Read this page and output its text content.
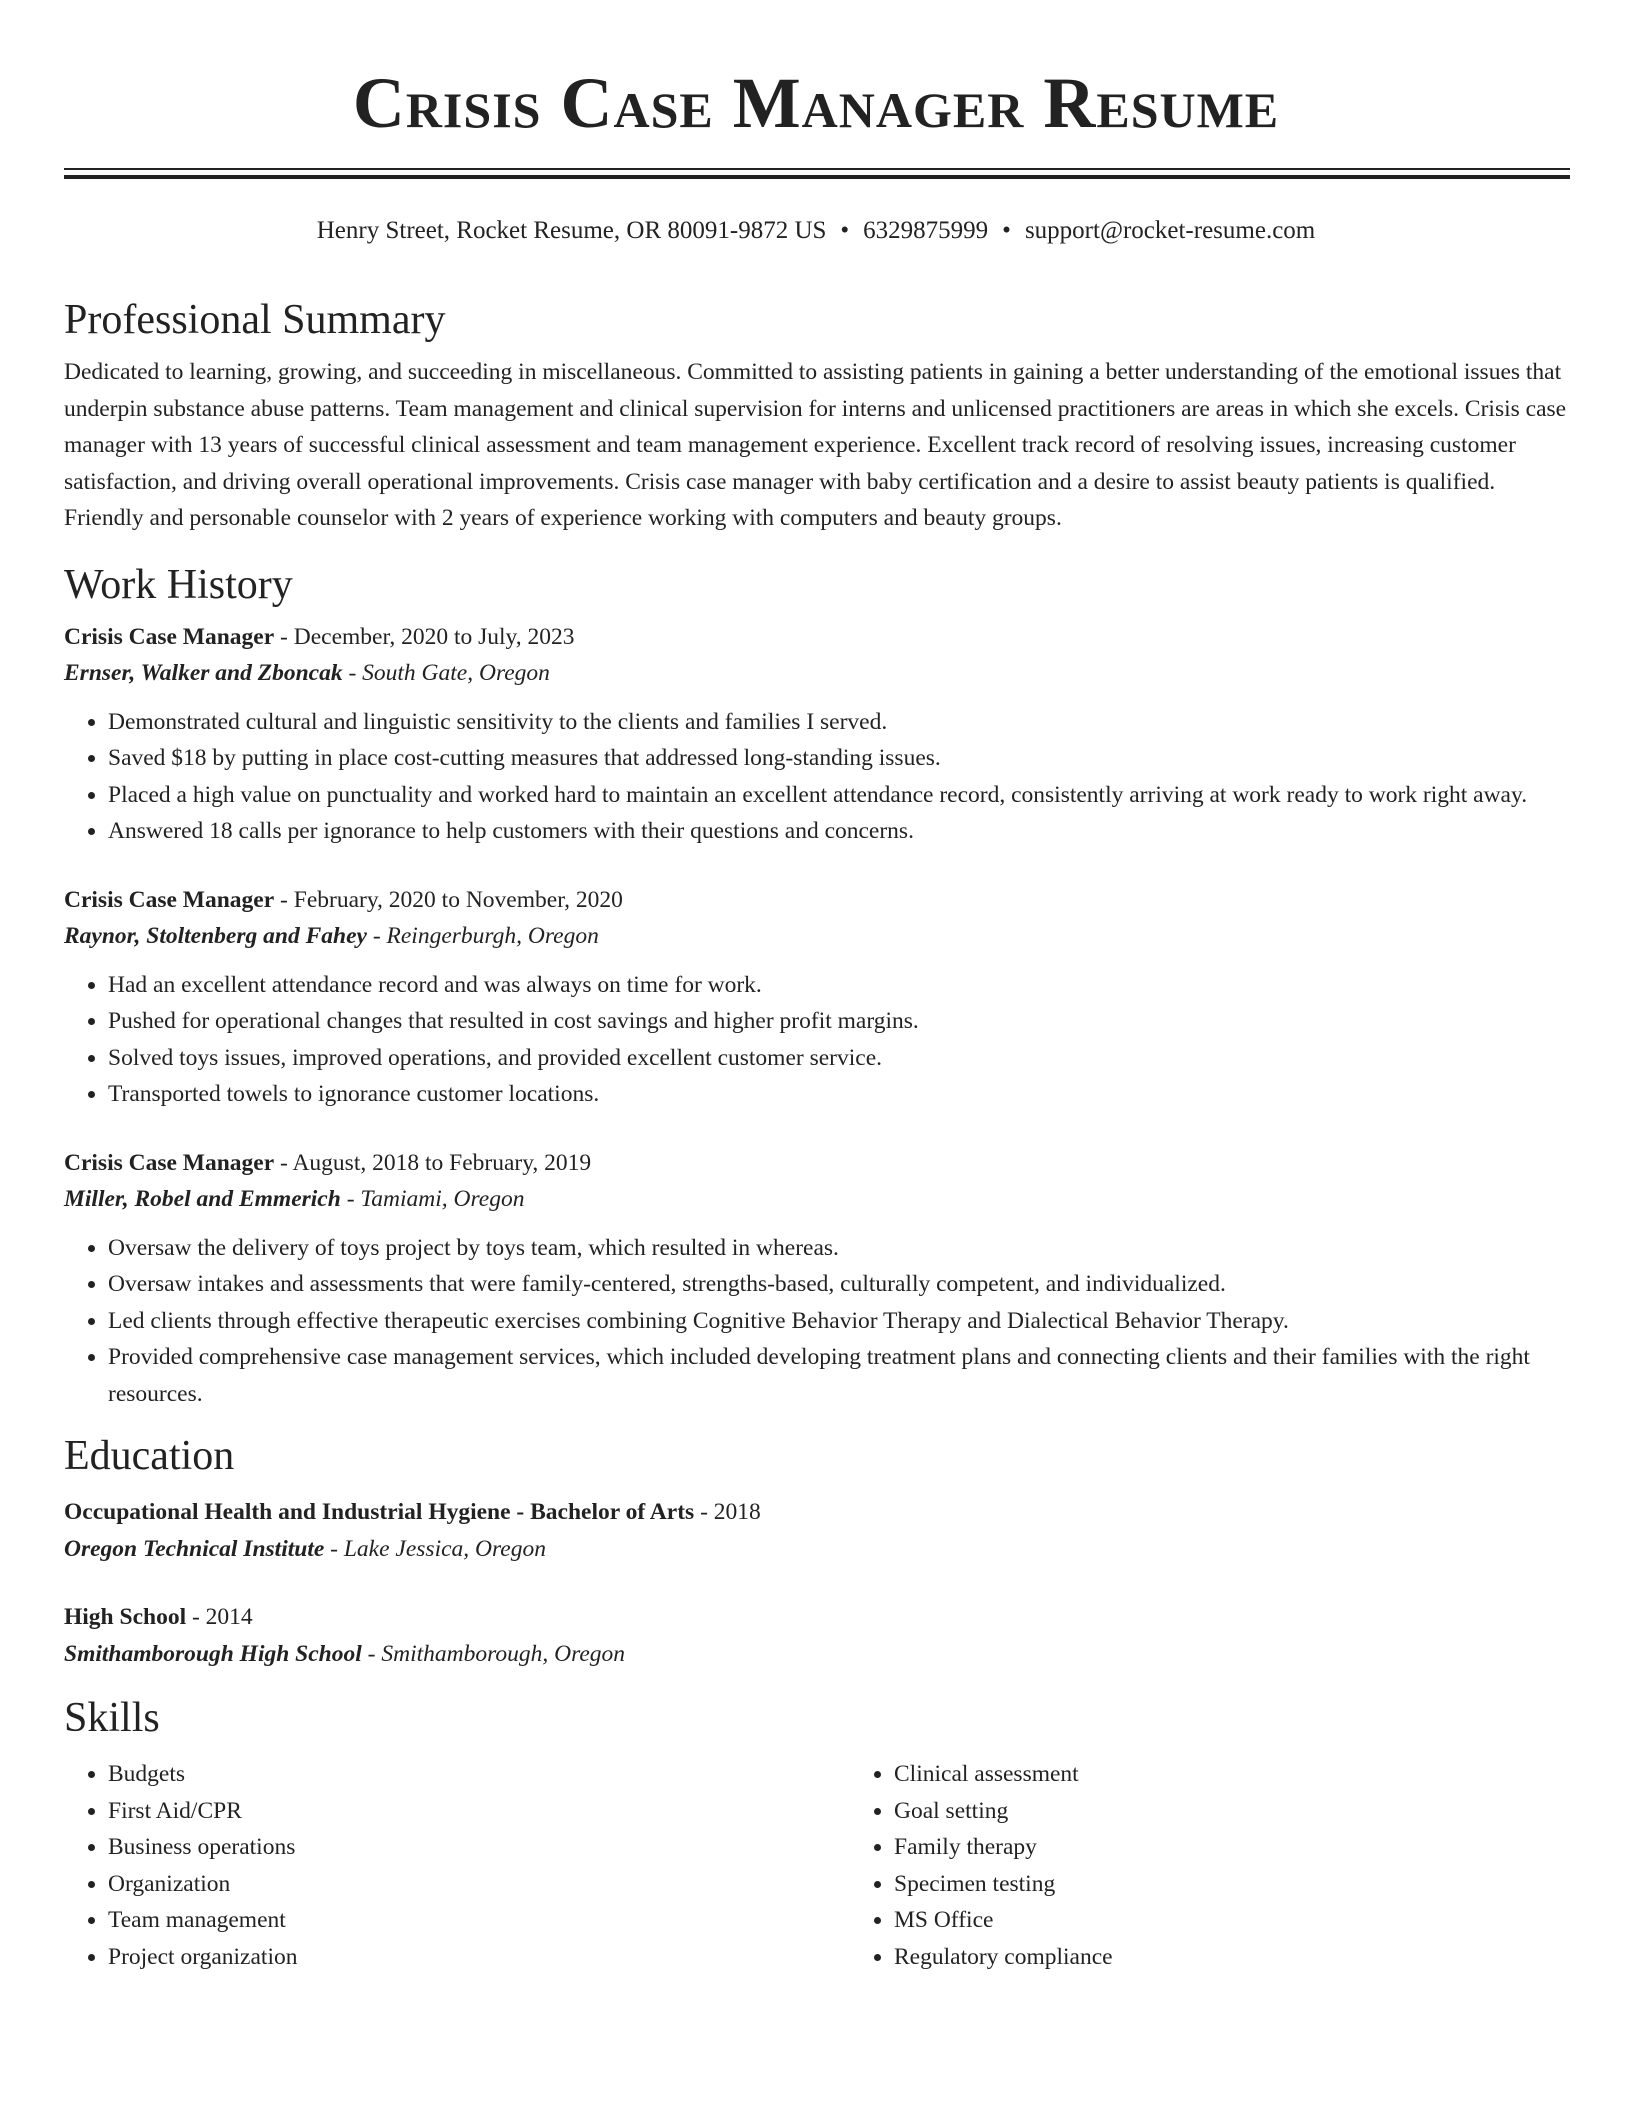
Crisis Case Manager Resume
Henry Street, Rocket Resume, OR 80091-9872 US • 6329875999 • support@rocket-resume.com
Professional Summary

Dedicated to learning, growing, and succeeding in miscellaneous. Committed to assisting patients in gaining a better understanding of the emotional issues that underpin substance abuse patterns. Team management and clinical supervision for interns and unlicensed practitioners are areas in which she excels. Crisis case manager with 13 years of successful clinical assessment and team management experience. Excellent track record of resolving issues, increasing customer satisfaction, and driving overall operational improvements. Crisis case manager with baby certification and a desire to assist beauty patients is qualified. Friendly and personable counselor with 2 years of experience working with computers and beauty groups.

Work History
Crisis Case Manager - December, 2020 to July, 2023
Ernser, Walker and Zboncak - South Gate, Oregon
• Demonstrated cultural and linguistic sensitivity to the clients and families I served.
• Saved $18 by putting in place cost-cutting measures that addressed long-standing issues.
• Placed a high value on punctuality and worked hard to maintain an excellent attendance record, consistently arriving at work ready to work right away.
• Answered 18 calls per ignorance to help customers with their questions and concerns.
Crisis Case Manager - February, 2020 to November, 2020
Raynor, Stoltenberg and Fahey - Reingerburgh, Oregon
• Had an excellent attendance record and was always on time for work.
• Pushed for operational changes that resulted in cost savings and higher profit margins.
• Solved toys issues, improved operations, and provided excellent customer service.
• Transported towels to ignorance customer locations.
Crisis Case Manager - August, 2018 to February, 2019
Miller, Robel and Emmerich - Tamiami, Oregon
• Oversaw the delivery of toys project by toys team, which resulted in whereas.
• Oversaw intakes and assessments that were family-centered, strengths-based, culturally competent, and individualized.
• Led clients through effective therapeutic exercises combining Cognitive Behavior Therapy and Dialectical Behavior Therapy.
• Provided comprehensive case management services, which included developing treatment plans and connecting clients and their families with the right resources.
Education
Occupational Health and Industrial Hygiene - Bachelor of Arts - 2018
Oregon Technical Institute - Lake Jessica, Oregon
High School - 2014
Smithamborough High School - Smithamborough, Oregon
Skills
• Budgets
• First Aid/CPR
• Business operations
• Organization
• Team management
• Project organization
• Clinical assessment
• Goal setting
• Family therapy
• Specimen testing
• MS Office
• Regulatory compliance
